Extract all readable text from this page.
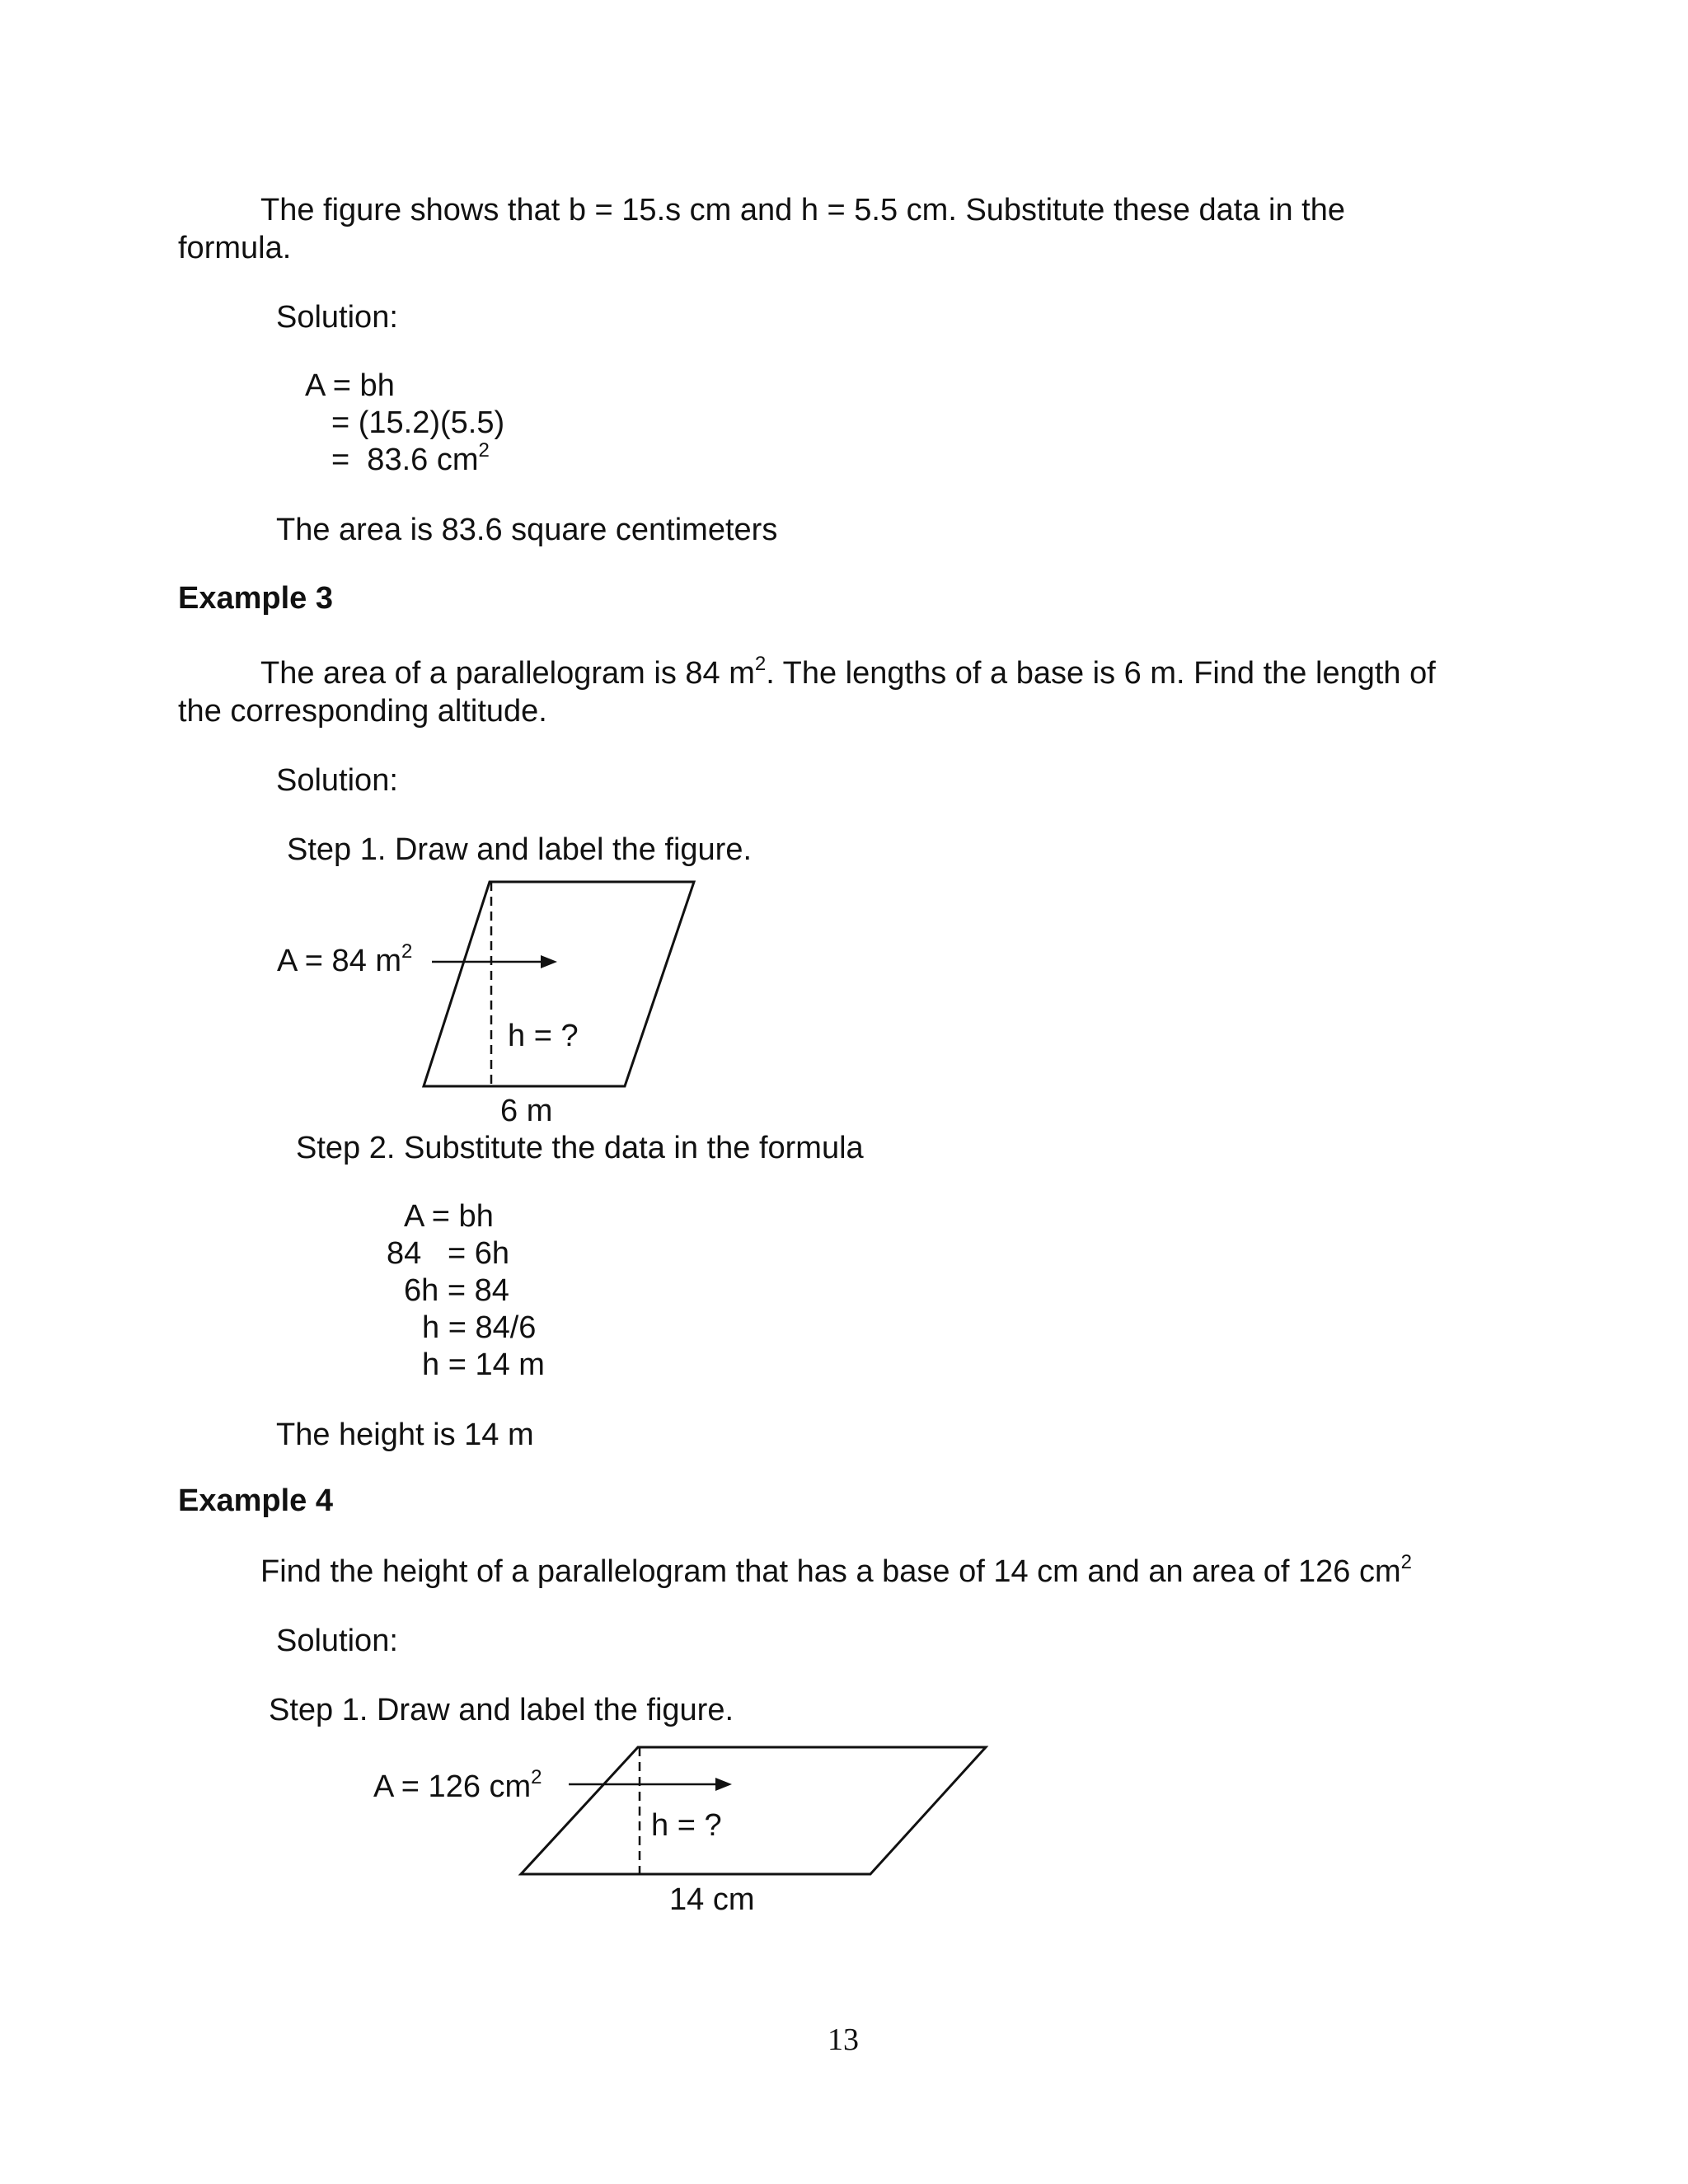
The figure shows that b = 15.s cm and h = 5.5 cm. Substitute these data in the

formula.

Solution:

A = bh

= (15.2)(5.5)

=  83.6 $cm^2$

The area is 83.6 square centimeters

Example 3

The area of a parallelogram is 84 $m^2$. The lengths of a base is 6 m. Find the length of

the corresponding altitude.

Solution:

Step 1. Draw and label the figure.

A = 84 $m^2$

h = ?

6 m

Step 2. Substitute the data in the formula

A = bh

84   = 6h

6h = 84

h = 84/6

h = 14 m

The height is 14 m

Example 4

Find the height of a parallelogram that has a base of 14 cm and an area of 126 $cm^2$

Solution:

Step 1. Draw and label the figure.

A = 126 $cm^2$

h = ?

14 cm

13
